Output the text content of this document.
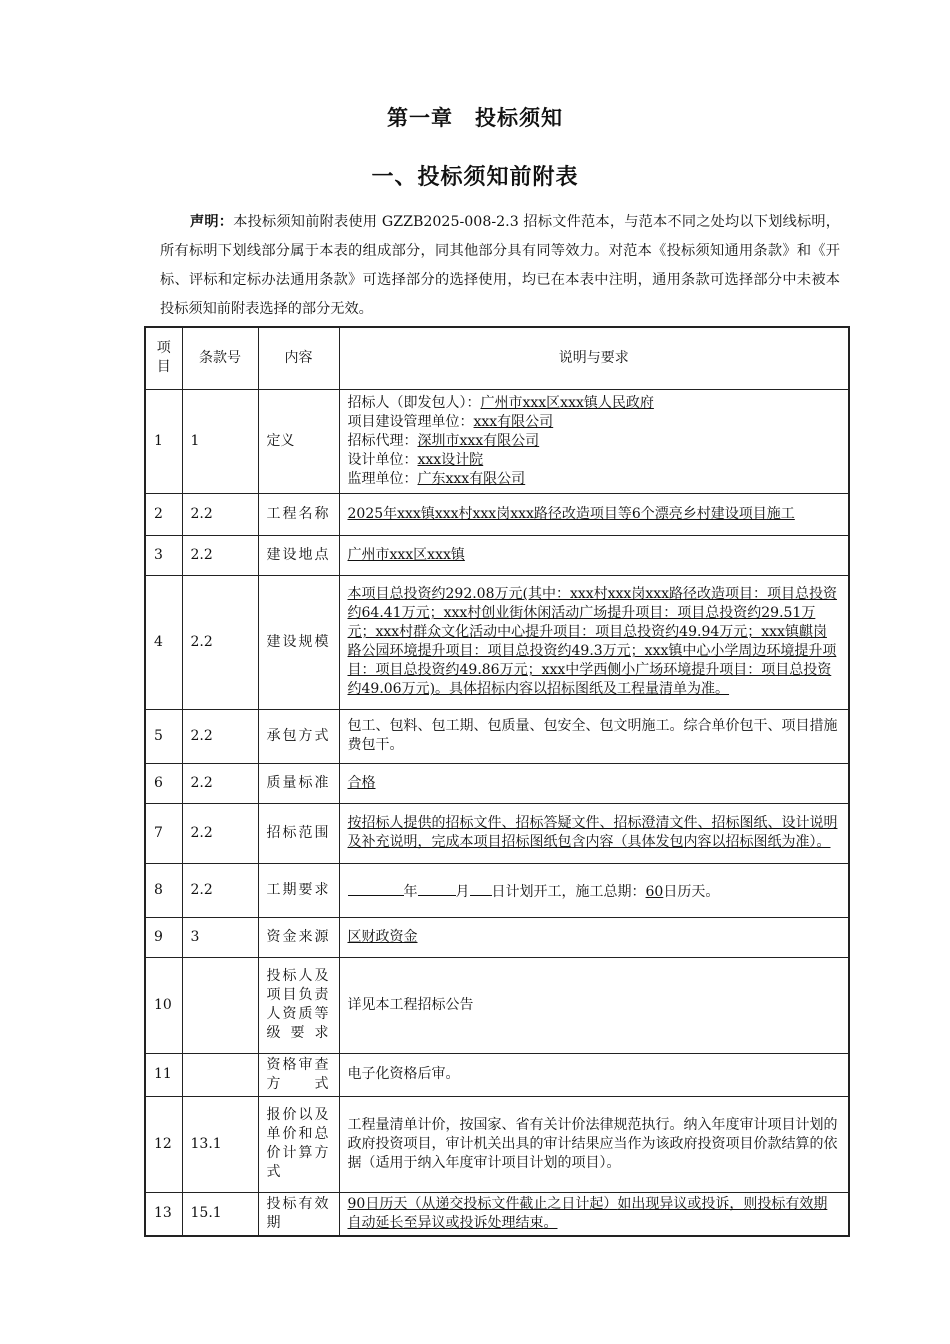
第一章　投标须知
一、投标须知前附表
声明：本投标须知前附表使用 GZZB2025-008-2.3 招标文件范本，与范本不同之处均以下划线标明，所有标明下划线部分属于本表的组成部分，同其他部分具有同等效力。对范本《投标须知通用条款》和《开标、评标和定标办法通用条款》可选择部分的选择使用，均已在本表中注明，通用条款可选择部分中未被本投标须知前附表选择的部分无效。
项目	条款号	内容	说明与要求
1	1	定义	招标人（即发包人）：广州市xxx区xxx镇人民政府
项目建设管理单位：xxx有限公司
招标代理：深圳市xxx有限公司
设计单位：xxx设计院
监理单位：广东xxx有限公司

2	2.2	工程名称	2025年xxx镇xxx村xxx岗xxx路径改造项目等6个漂亮乡村建设项目施工
3	2.2	建设地点	广州市xxx区xxx镇
4	2.2	建设规模	本项目总投资约292.08万元(其中：xxx村xxx岗xxx路径改造项目：项目总投资约64.41万元；xxx村创业街休闲活动广场提升项目：项目总投资约29.51万元；xxx村群众文化活动中心提升项目：项目总投资约49.94万元；xxx镇麒岗路公园环境提升项目：项目总投资约49.3万元；xxx镇中心小学周边环境提升项目：项目总投资约49.86万元；xxx中学西侧小广场环境提升项目：项目总投资约49.06万元)。具体招标内容以招标图纸及工程量清单为准。
5	2.2	承包方式	包工、包料、包工期、包质量、包安全、包文明施工。综合单价包干、项目措施费包干。
6	2.2	质量标准	合格
7	2.2	招标范围	按招标人提供的招标文件、招标答疑文件、招标澄清文件、招标图纸、设计说明及补充说明，完成本项目招标图纸包含内容（具体发包内容以招标图纸为准）。
8	2.2	工期要求	年 月 日计划开工，施工总期：60日历天。
9	3	资金来源	区财政资金
10		投标人及项目负责人资质等级要求	详见本工程招标公告
11		资格审查方式	电子化资格后审。
12	13.1	报价以及单价和总价计算方式	工程量清单计价，按国家、省有关计价法律规范执行。纳入年度审计项目计划的政府投资项目，审计机关出具的审计结果应当作为该政府投资项目价款结算的依据（适用于纳入年度审计项目计划的项目）。
13	15.1	投标有效期	90日历天（从递交投标文件截止之日计起）如出现异议或投诉，则投标有效期自动延长至异议或投诉处理结束。
